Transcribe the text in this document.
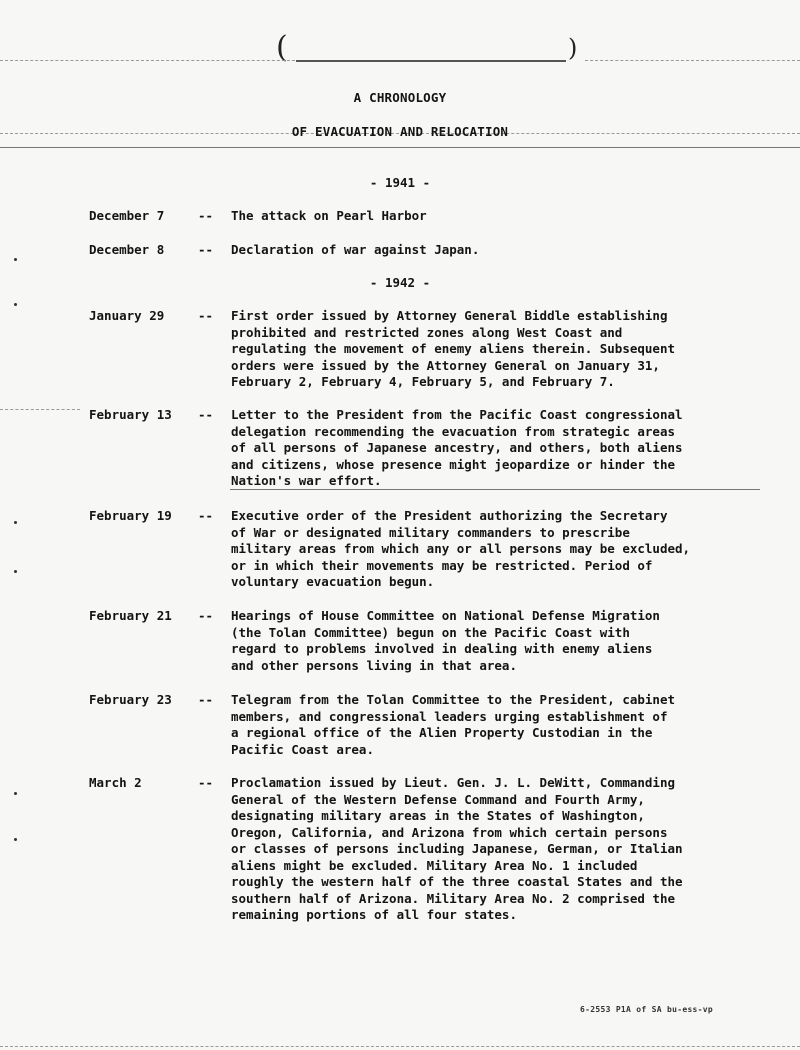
(	)
A CHRONOLOGY
OF EVACUATION AND RELOCATION
- 1941 -
December 7	-- The attack on Pearl Harbor
December 8	-- Declaration of war against Japan.
- 1942 -
January 29	-- First order issued by Attorney General Biddle establishing
prohibited and restricted zones along West Coast and
regulating the movement of enemy aliens therein. Subsequent
orders were issued by the Attorney General on January 31,
February 2, February 4, February 5, and February 7.
February 13	-- Letter to the President from the Pacific Coast congressional
delegation recommending the evacuation from strategic areas
of all persons of Japanese ancestry, and others, both aliens
and citizens, whose presence might jeopardize or hinder the
Nation's war effort.
February 19	-- Executive order of the President authorizing the Secretary
of War or designated military commanders to prescribe
military areas from which any or all persons may be excluded,
or in which their movements may be restricted. Period of
voluntary evacuation begun.
February 21	-- Hearings of House Committee on National Defense Migration
(the Tolan Committee) begun on the Pacific Coast with
regard to problems involved in dealing with enemy aliens
and other persons living in that area.
February 23	-- Telegram from the Tolan Committee to the President, cabinet
members, and congressional leaders urging establishment of
a regional office of the Alien Property Custodian in the
Pacific Coast area.
March 2	-- Proclamation issued by Lieut. Gen. J. L. DeWitt, Commanding
General of the Western Defense Command and Fourth Army,
designating military areas in the States of Washington,
Oregon, California, and Arizona from which certain persons
or classes of persons including Japanese, German, or Italian
aliens might be excluded. Military Area No. 1 included
roughly the western half of the three coastal States and the
southern half of Arizona. Military Area No. 2 comprised the
remaining portions of all four states.
6-2553 P1A of SA bu-ess-vp
